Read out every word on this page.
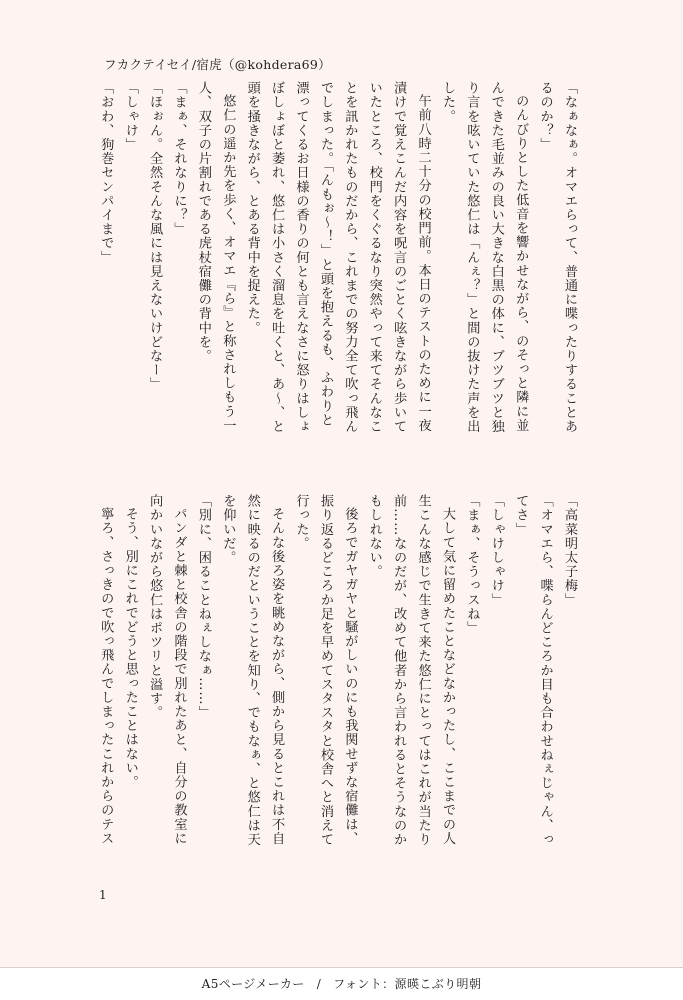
フカクテイセイ/宿虎（@kohdera69）

「なぁなぁ。オマエらって、普通に喋ったりすることあ
るのか？」

のんびりとした低音を響かせながら、のそっと隣に並
んできた毛並みの良い大きな白黒の体に、ブツブツと独
り言を呟いていた悠仁は「んぇ？」と間の抜けた声を出
した。

午前八時二十分の校門前。本日のテストのために一夜
漬けで覚えこんだ内容を呪言のごとく呟きながら歩いて
いたところ、校門をくぐるなり突然やって来てそんなこ
とを訊かれたものだから、これまでの努力全て吹っ飛ん
でしまった。「んもぉ～！」と頭を抱えるも、ふわりと
漂ってくるお日様の香りの何とも言えなさに怒りはしょ
ぼしょぼと萎れ、悠仁は小さく溜息を吐くと、あ～、と
頭を掻きながら、とある背中を捉えた。

悠仁の遥か先を歩く、オマエ『ら』と称されしもう一
人、双子の片割れである虎杖宿儺の背中を。

「まぁ、それなりに？」

「ほぉん。全然そんな風には見えないけどなー」

「しゃけ」

「おわ、狗巻センパイまで」

「高菜明太子梅」

「オマエら、喋らんどころか目も合わせねぇじゃん、っ
てさ」

「しゃけしゃけ」

「まぁ、そうっスね」

大して気に留めたことなどなかったし、ここまでの人
生こんな感じで生きて来た悠仁にとってはこれが当たり
前……なのだが、改めて他者から言われるとそうなのか
もしれない。

後ろでガヤガヤと騒がしいのにも我関せずな宿儺は、
振り返るどころか足を早めてスタスタと校舎へと消えて
行った。

そんな後ろ姿を眺めながら、側から見るとこれは不自
然に映るのだということを知り、でもなぁ、と悠仁は天
を仰いだ。

「別に、困ることねぇしなぁ……」

パンダと棘と校舎の階段で別れたあと、自分の教室に
向かいながら悠仁はポツリと溢す。

そう、別にこれでどうと思ったことはない。

寧ろ、さっきので吹っ飛んでしまったこれからのテス

1
A5ページメーカー / フォント：源暎こぶり明朝
